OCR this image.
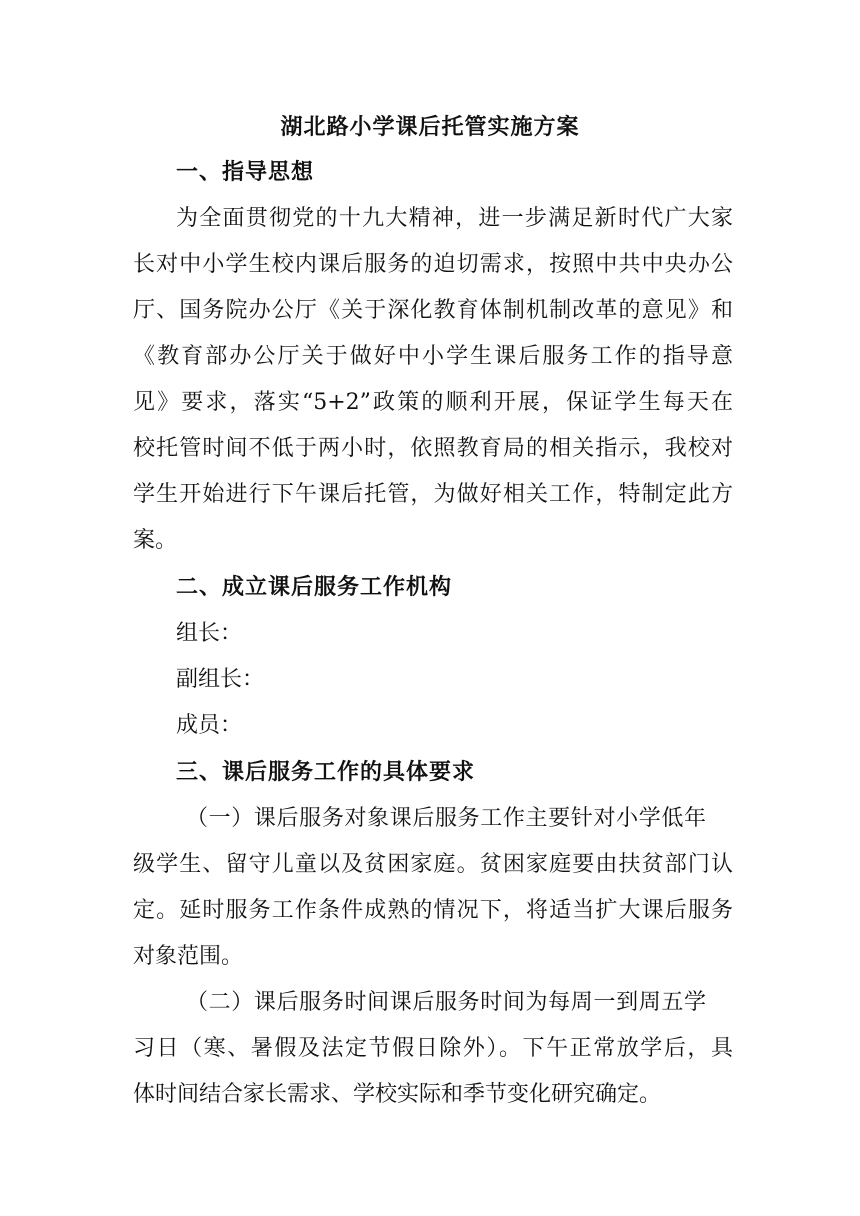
湖北路小学课后托管实施方案
一、指导思想
为全面贯彻党的十九大精神，进一步满足新时代广大家
长对中小学生校内课后服务的迫切需求，按照中共中央办公
厅、国务院办公厅《关于深化教育体制机制改革的意见》和
《教育部办公厅关于做好中小学生课后服务工作的指导意
见》要求，落实“5+2”政策的顺利开展，保证学生每天在
校托管时间不低于两小时，依照教育局的相关指示，我校对
学生开始进行下午课后托管，为做好相关工作，特制定此方
案。
二、成立课后服务工作机构
组长：
副组长：
成员：
三、课后服务工作的具体要求
（一）课后服务对象课后服务工作主要针对小学低年
级学生、留守儿童以及贫困家庭。贫困家庭要由扶贫部门认
定。延时服务工作条件成熟的情况下，将适当扩大课后服务
对象范围。
（二）课后服务时间课后服务时间为每周一到周五学
习日（寒、暑假及法定节假日除外）。下午正常放学后，具
体时间结合家长需求、学校实际和季节变化研究确定。
